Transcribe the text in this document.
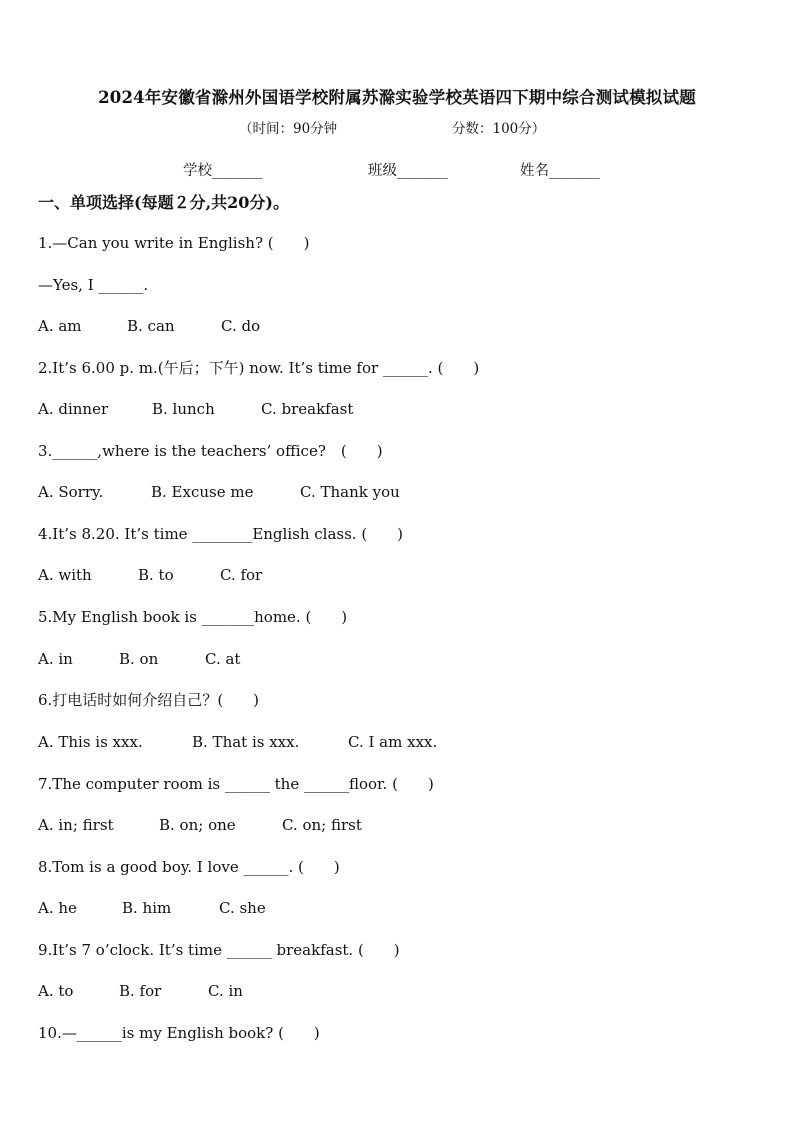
2024年安徽省滁州外国语学校附属苏滁实验学校英语四下期中综合测试模拟试题
（时间：90分钟	分数：100分）
学校_______	班级_______	姓名_______
一、单项选择(每题２分,共20分)。
1.—Can you write in English? (　　)
—Yes, I ______.
A. am	B. can	C. do
2.It’s 6.00 p. m.(午后；下午) now. It’s time for ______. (　　)
A. dinner	B. lunch	C. breakfast
3.______,where is the teachers’ office?　(　　)
A. Sorry.	B. Excuse me	C. Thank you
4.It’s 8.20. It’s time ________English class. (　　)
A. with	B. to	C. for
5.My English book is _______home. (　　)
A. in	B. on	C. at
6.打电话时如何介绍自己？(　　)
A. This is xxx.	B. That is xxx.	C. I am xxx.
7.The computer room is ______ the ______floor. (　　)
A. in; first	B. on; one	C. on; first
8.Tom is a good boy. I love ______. (　　)
A. he	B. him	C. she
9.It’s 7 o’clock. It’s time ______ breakfast. (　　)
A. to	B. for	C. in
10.—______is my English book? (　　)
